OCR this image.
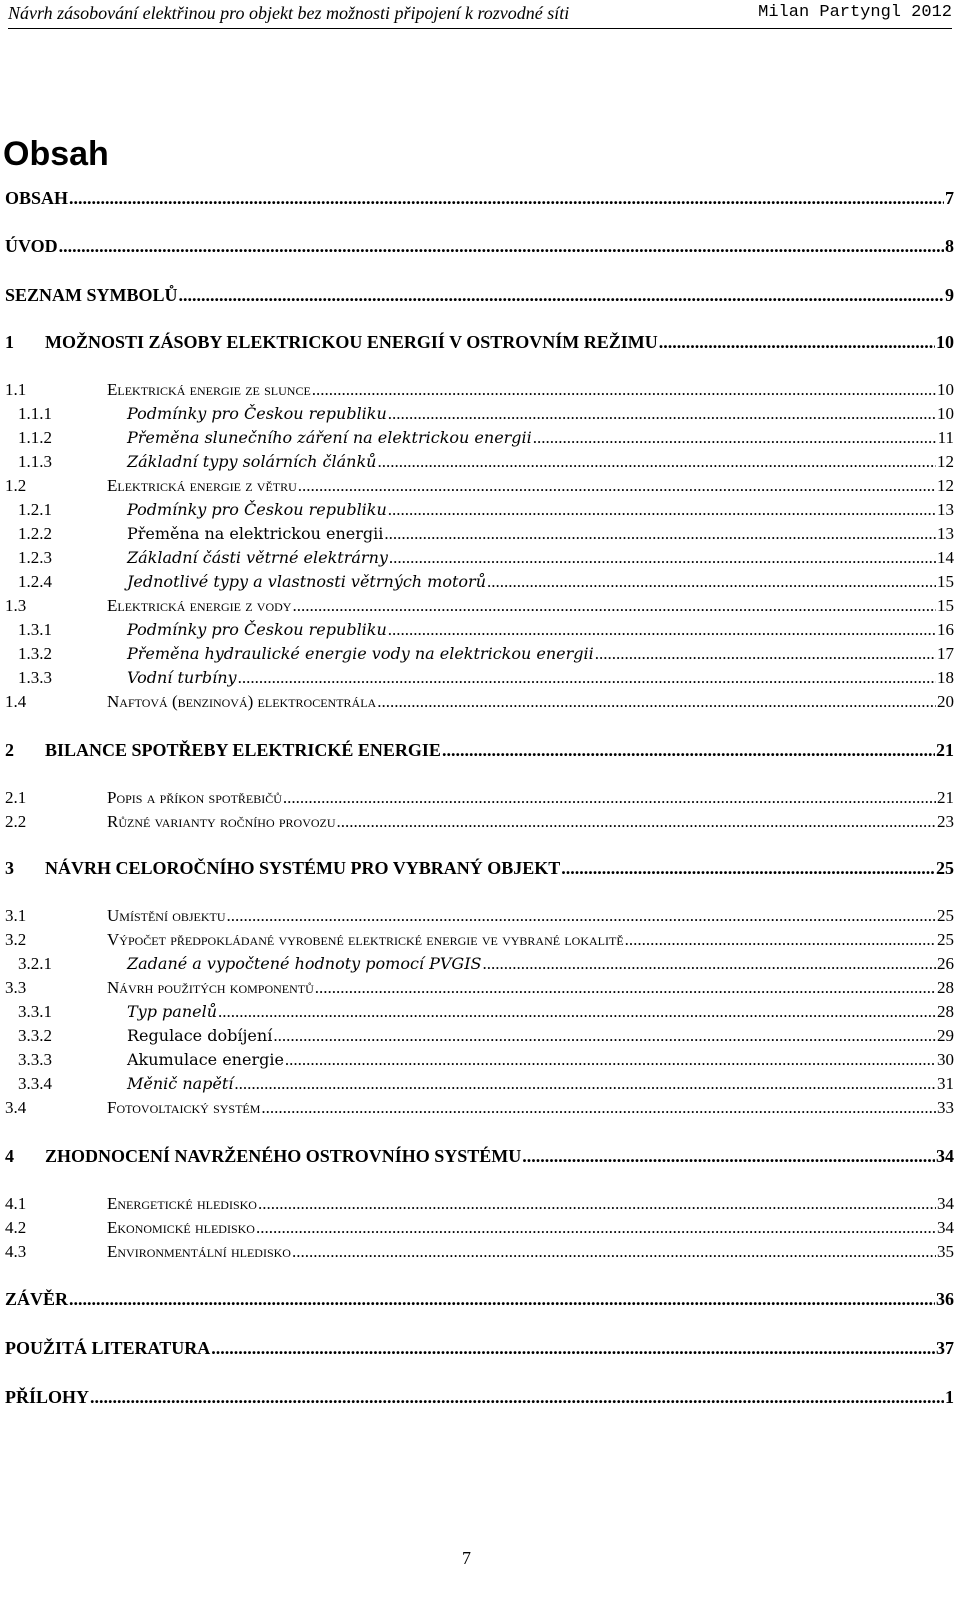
Návrh zásobování elektřinou pro objekt bez možnosti připojení k rozvodné síti	Milan Partyngl 2012
Obsah
OBSAH .....	7
ÚVOD .....	8
SEZNAM SYMBOLŮ .....	9
1	MOŽNOSTI ZÁSOBY ELEKTRICKOU ENERGIÍ V OSTROVNÍM REŽIMU .....	10
1.1	Elektrická energie ze slunce .....	10
1.1.1	Podmínky pro Českou republiku .....	10
1.1.2	Přeměna slunečního záření na elektrickou energii .....	11
1.1.3	Základní typy solárních článků .....	12
1.2	Elektrická energie z větru .....	12
1.2.1	Podmínky pro Českou republiku .....	13
1.2.2	Přeměna na elektrickou energii .....	13
1.2.3	Základní části větrné elektrárny .....	14
1.2.4	Jednotlivé typy a vlastnosti větrných motorů .....	15
1.3	Elektrická energie z vody .....	15
1.3.1	Podmínky pro Českou republiku .....	16
1.3.2	Přeměna hydraulické energie vody na elektrickou energii .....	17
1.3.3	Vodní turbíny .....	18
1.4	Naftová (benzinová) elektrocentrála .....	20
2	BILANCE SPOTŘEBY ELEKTRICKÉ ENERGIE .....	21
2.1	Popis a příkon spotřebičů .....	21
2.2	Různé varianty ročního provozu .....	23
3	NÁVRH CELOROČNÍHO SYSTÉMU PRO VYBRANÝ OBJEKT .....	25
3.1	Umístění objektu .....	25
3.2	Výpočet předpokládané vyrobené elektrické energie ve vybrané lokalitě .....	25
3.2.1	Zadané a vypočtené hodnoty pomocí PVGIS .....	26
3.3	Návrh použitých komponentů .....	28
3.3.1	Typ panelů .....	28
3.3.2	Regulace dobíjení .....	29
3.3.3	Akumulace energie .....	30
3.3.4	Měnič napětí .....	31
3.4	Fotovoltaický systém .....	33
4	ZHODNOCENÍ NAVRŽENÉHO OSTROVNÍHO SYSTÉMU .....	34
4.1	Energetické hledisko .....	34
4.2	Ekonomické hledisko .....	34
4.3	Environmentální hledisko .....	35
ZÁVĚR .....	36
POUŽITÁ LITERATURA .....	37
PŘÍLOHY .....	1
7
